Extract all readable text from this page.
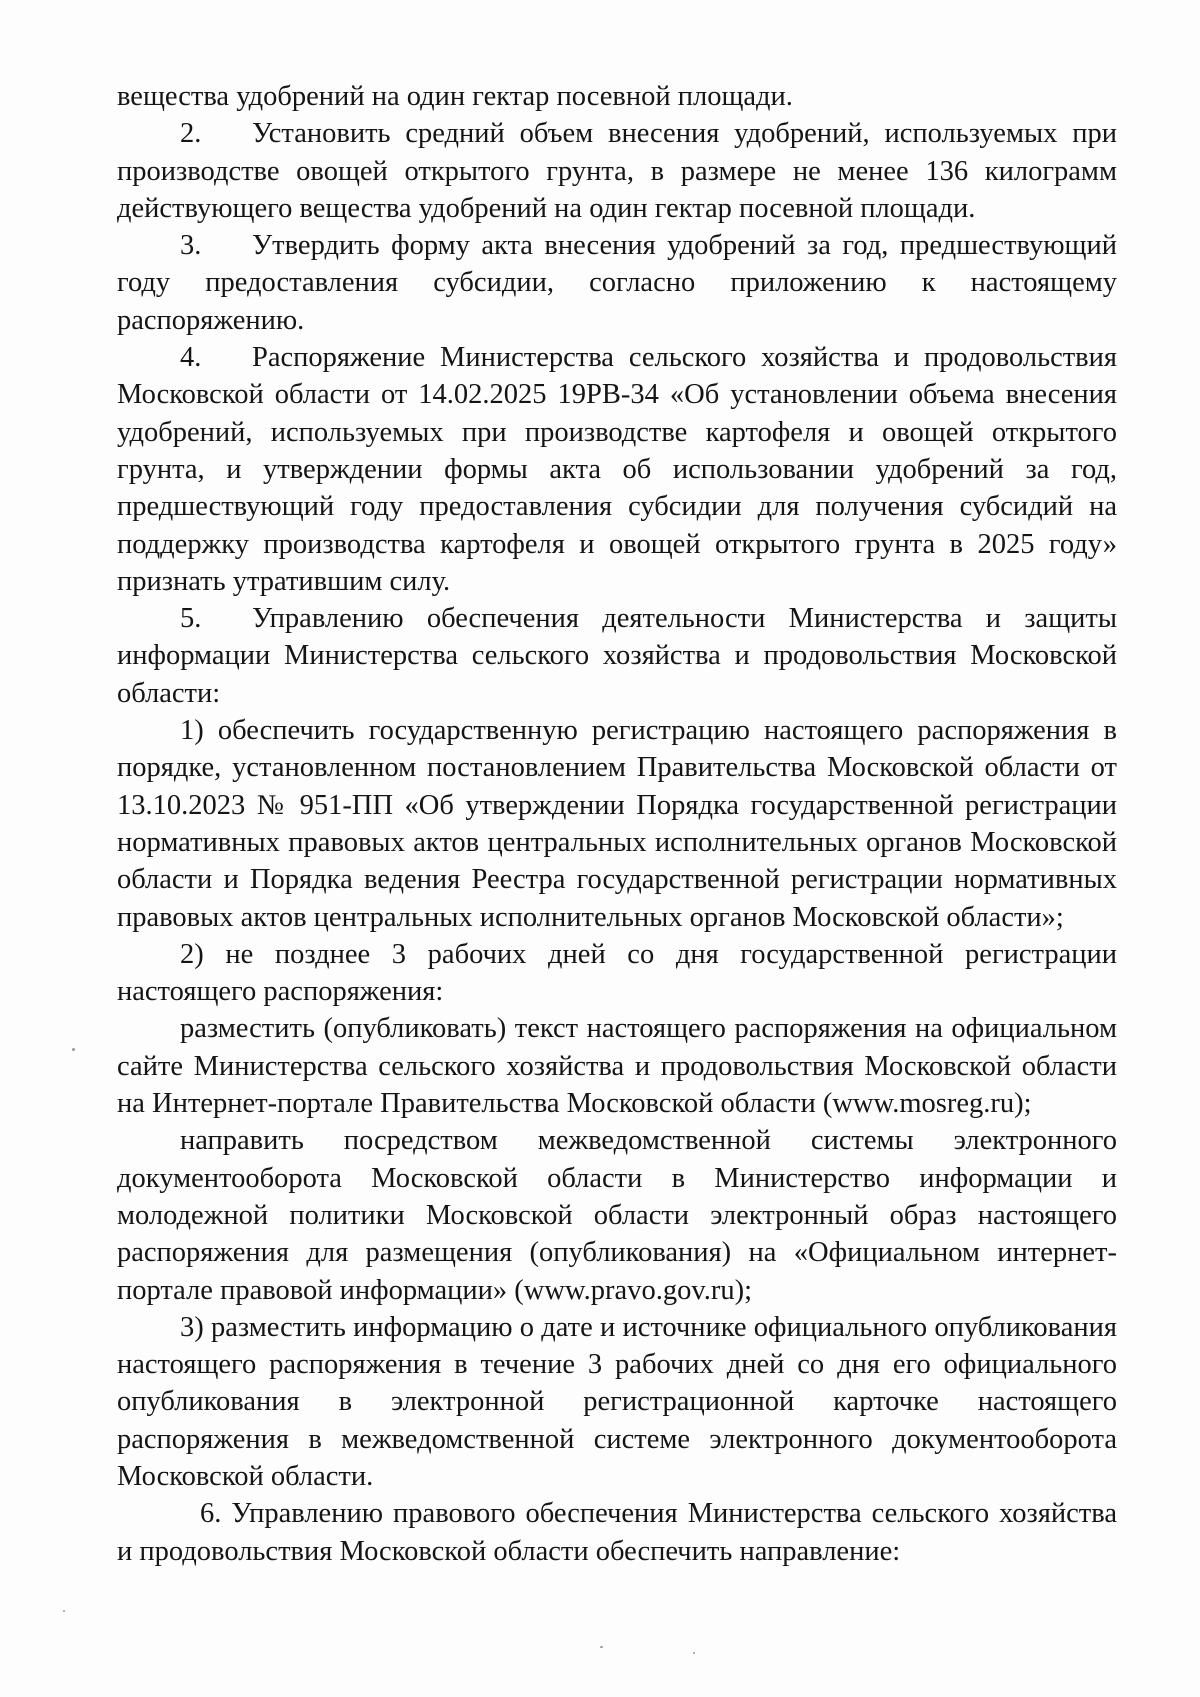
вещества удобрений на один гектар посевной площади.

2. Установить средний объем внесения удобрений, используемых при производстве овощей открытого грунта, в размере не менее 136 килограмм действующего вещества удобрений на один гектар посевной площади.

3. Утвердить форму акта внесения удобрений за год, предшествующий году предоставления субсидии, согласно приложению к настоящему распоряжению.

4. Распоряжение Министерства сельского хозяйства и продовольствия Московской области от 14.02.2025 19РВ-34 «Об установлении объема внесения удобрений, используемых при производстве картофеля и овощей открытого грунта, и утверждении формы акта об использовании удобрений за год, предшествующий году предоставления субсидии для получения субсидий на поддержку производства картофеля и овощей открытого грунта в 2025 году» признать утратившим силу.

5. Управлению обеспечения деятельности Министерства и защиты информации Министерства сельского хозяйства и продовольствия Московской области:

1) обеспечить государственную регистрацию настоящего распоряжения в порядке, установленном постановлением Правительства Московской области от 13.10.2023 № 951-ПП «Об утверждении Порядка государственной регистрации нормативных правовых актов центральных исполнительных органов Московской области и Порядка ведения Реестра государственной регистрации нормативных правовых актов центральных исполнительных органов Московской области»;

2) не позднее 3 рабочих дней со дня государственной регистрации настоящего распоряжения:

разместить (опубликовать) текст настоящего распоряжения на официальном сайте Министерства сельского хозяйства и продовольствия Московской области на Интернет-портале Правительства Московской области (www.mosreg.ru);

направить посредством межведомственной системы электронного документооборота Московской области в Министерство информации и молодежной политики Московской области электронный образ настоящего распоряжения для размещения (опубликования) на «Официальном интернет-портале правовой информации» (www.pravo.gov.ru);

3) разместить информацию о дате и источнике официального опубликования настоящего распоряжения в течение 3 рабочих дней со дня его официального опубликования в электронной регистрационной карточке настоящего распоряжения в межведомственной системе электронного документооборота Московской области.

6. Управлению правового обеспечения Министерства сельского хозяйства и продовольствия Московской области обеспечить направление:
